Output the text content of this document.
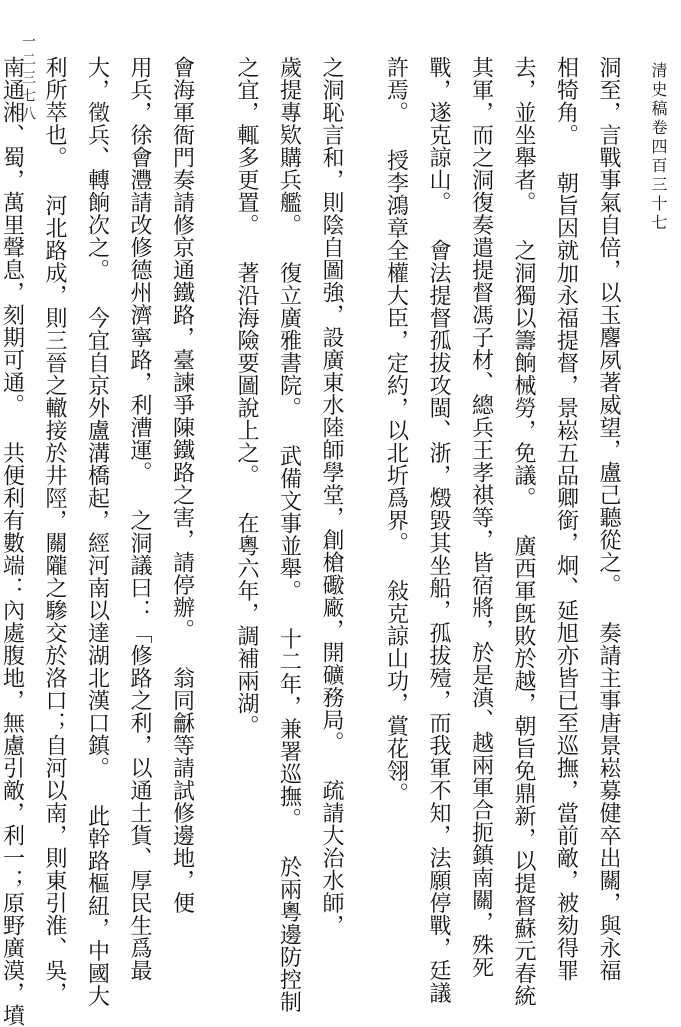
清史稿卷四百三十七
一二三七八	洞至，言戰事氣自倍，以玉麐夙著威望，盧己聽從之。 奏請主事唐景崧募健卒出關，與永福
相犄角。 朝旨因就加永福提督，景崧五品卿銜，炯、延旭亦皆已至巡撫，當前敵，被劾得罪
去，並坐舉者。 之洞獨以籌餉械勞，免議。 廣西軍旣敗於越，朝旨免鼎新，以提督蘇元春統
其軍，而之洞復奏遣提督馮子材、總兵王孝祺等，皆宿將，於是滇、越兩軍合扼鎮南關，殊死
戰，遂克諒山。 會法提督孤拔攻閩、浙，燬毀其坐船，孤拔殪，而我軍不知，法願停戰，廷議
許焉。 授李鴻章全權大臣，定約，以北圻爲界。 敍克諒山功，賞花翎。
之洞恥言和，則陰自圖強，設廣東水陸師學堂，創槍礮廠，開礦務局。 疏請大治水師，
歲提專欵購兵艦。 復立廣雅書院。 武備文事並舉。 十二年，兼署巡撫。 於兩粵邊防控制
之宜，輒多更置。 著沿海險要圖說上之。 在粵六年，調補兩湖。
會海軍衙門奏請修京通鐵路，臺諫爭陳鐵路之害，請停辦。 翁同龢等請試修邊地，便
用兵，徐會灃請改修德州濟寧路，利漕運。 之洞議曰：「修路之利，以通土貨、厚民生爲最
大，徵兵、轉餉次之。 今宜自京外盧溝橋起，經河南以達湖北漢口鎮。 此幹路樞紐，中國大
利所萃也。 河北路成，則三晉之轍接於井陘，關隴之驂交於洛口；自河以南，則東引淮、吳，
南通湘、蜀，萬里聲息，刻期可通。 共便利有數端：內處腹地，無慮引敵，利一；原野廣漠，墳
